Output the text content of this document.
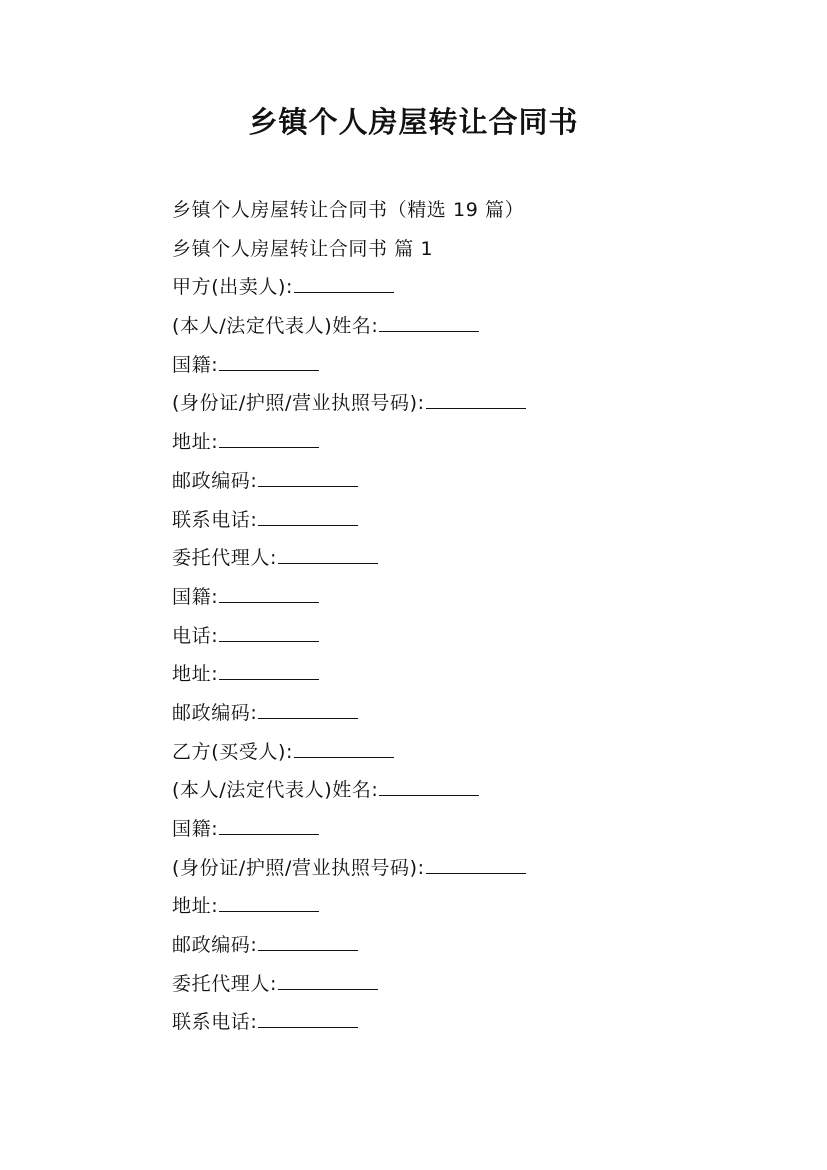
乡镇个人房屋转让合同书
乡镇个人房屋转让合同书（精选 19 篇）
乡镇个人房屋转让合同书 篇 1
甲方(出卖人):
(本人/法定代表人)姓名:
国籍:
(身份证/护照/营业执照号码):
地址:
邮政编码:
联系电话:
委托代理人:
国籍:
电话:
地址:
邮政编码:
乙方(买受人):
(本人/法定代表人)姓名:
国籍:
(身份证/护照/营业执照号码):
地址:
邮政编码:
委托代理人:
联系电话:
